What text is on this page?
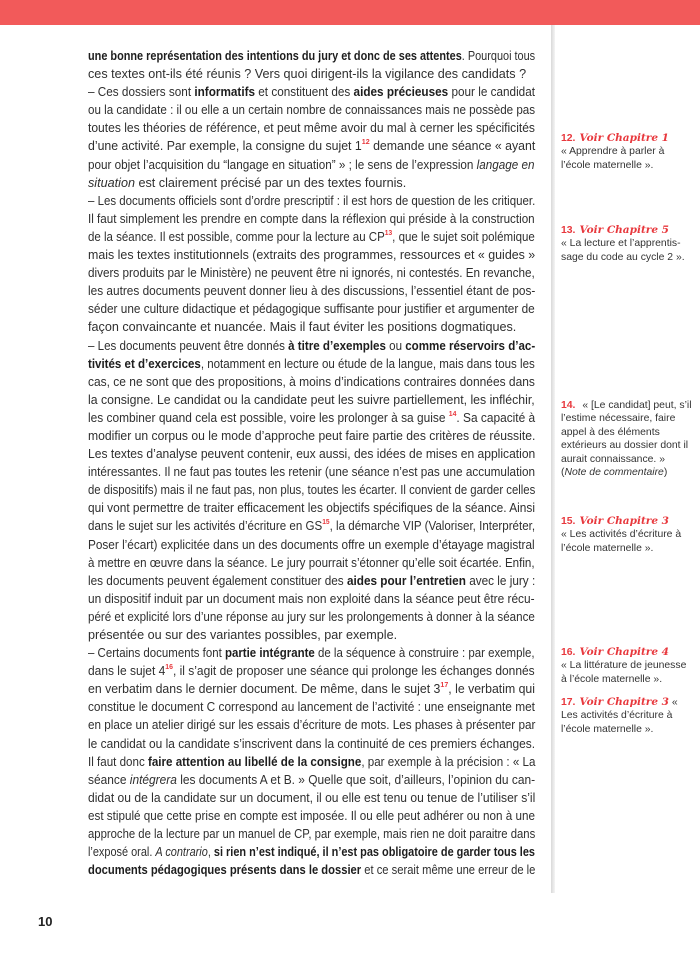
une bonne représentation des intentions du jury et donc de ses attentes. Pourquoi tous
ces textes ont-ils été réunis ? Vers quoi dirigent-ils la vigilance des candidats ?
– Ces dossiers sont informatifs et constituent des aides précieuses pour le candidat
ou la candidate : il ou elle a un certain nombre de connaissances mais ne possède pas
toutes les théories de référence, et peut même avoir du mal à cerner les spécificités
d’une activité. Par exemple, la consigne du sujet $1^{12}$ demande une séance « ayant
pour objet l’acquisition du “langage en situation” » ; le sens de l’expression langage en
situation est clairement précisé par un des textes fournis.
– Les documents officiels sont d’ordre prescriptif : il est hors de question de les critiquer.
Il faut simplement les prendre en compte dans la réflexion qui préside à la construction
de la séance. Il est possible, comme pour la lecture au CP$^{13}$, que le sujet soit polémique
mais les textes institutionnels (extraits des programmes, ressources et « guides »
divers produits par le Ministère) ne peuvent être ni ignorés, ni contestés. En revanche,
les autres documents peuvent donner lieu à des discussions, l’essentiel étant de pos-
séder une culture didactique et pédagogique suffisante pour justifier et argumenter de
façon convaincante et nuancée. Mais il faut éviter les positions dogmatiques.
– Les documents peuvent être donnés à titre d’exemples ou comme réservoirs d’ac-
tivités et d’exercices, notamment en lecture ou étude de la langue, mais dans tous les
cas, ce ne sont que des propositions, à moins d’indications contraires données dans
la consigne. Le candidat ou la candidate peut les suivre partiellement, les infléchir,
les combiner quand cela est possible, voire les prolonger à sa guise $^{14}$. Sa capacité à
modifier un corpus ou le mode d’approche peut faire partie des critères de réussite.
Les textes d’analyse peuvent contenir, eux aussi, des idées de mises en application
intéressantes. Il ne faut pas toutes les retenir (une séance n’est pas une accumulation
de dispositifs) mais il ne faut pas, non plus, toutes les écarter. Il convient de garder celles
qui vont permettre de traiter efficacement les objectifs spécifiques de la séance. Ainsi
dans le sujet sur les activités d’écriture en GS$^{15}$, la démarche VIP (Valoriser, Interpréter,
Poser l’écart) explicitée dans un des documents offre un exemple d’étayage magistral
à mettre en œuvre dans la séance. Le jury pourrait s’étonner qu’elle soit écartée. Enfin,
les documents peuvent également constituer des aides pour l’entretien avec le jury :
un dispositif induit par un document mais non exploité dans la séance peut être récu-
péré et explicité lors d’une réponse au jury sur les prolongements à donner à la séance
présentée ou sur des variantes possibles, par exemple.
– Certains documents font partie intégrante de la séquence à construire : par exemple,
dans le sujet $4^{16}$, il s’agit de proposer une séance qui prolonge les échanges donnés
en verbatim dans le dernier document. De même, dans le sujet $3^{17}$, le verbatim qui
constitue le document C correspond au lancement de l’activité : une enseignante met
en place un atelier dirigé sur les essais d’écriture de mots. Les phases à présenter par
le candidat ou la candidate s’inscrivent dans la continuité de ces premiers échanges.
Il faut donc faire attention au libellé de la consigne, par exemple à la précision : « La
séance intégrera les documents A et B. » Quelle que soit, d’ailleurs, l’opinion du can-
didat ou de la candidate sur un document, il ou elle est tenu ou tenue de l’utiliser s’il
est stipulé que cette prise en compte est imposée. Il ou elle peut adhérer ou non à une
approche de la lecture par un manuel de CP, par exemple, mais rien ne doit paraitre dans
l’exposé oral. A contrario, si rien n’est indiqué, il n’est pas obligatoire de garder tous les
documents pédagogiques présents dans le dossier et ce serait même une erreur de le
12. Voir Chapitre 1
« Apprendre à parler à l’école maternelle ».
13. Voir Chapitre 5
« La lecture et l’apprentis-sage du code au cycle 2 ».
14. « [Le candidat] peut, s’il l’estime nécessaire, faire appel à des éléments extérieurs au dossier dont il aurait connaissance. »
(Note de commentaire)
15. Voir Chapitre 3
« Les activités d’écriture à l’école maternelle ».
16. Voir Chapitre 4
« La littérature de jeunesse à l’école maternelle ».
17. Voir Chapitre 3 « Les activités d’écriture à l’école maternelle ».
10
